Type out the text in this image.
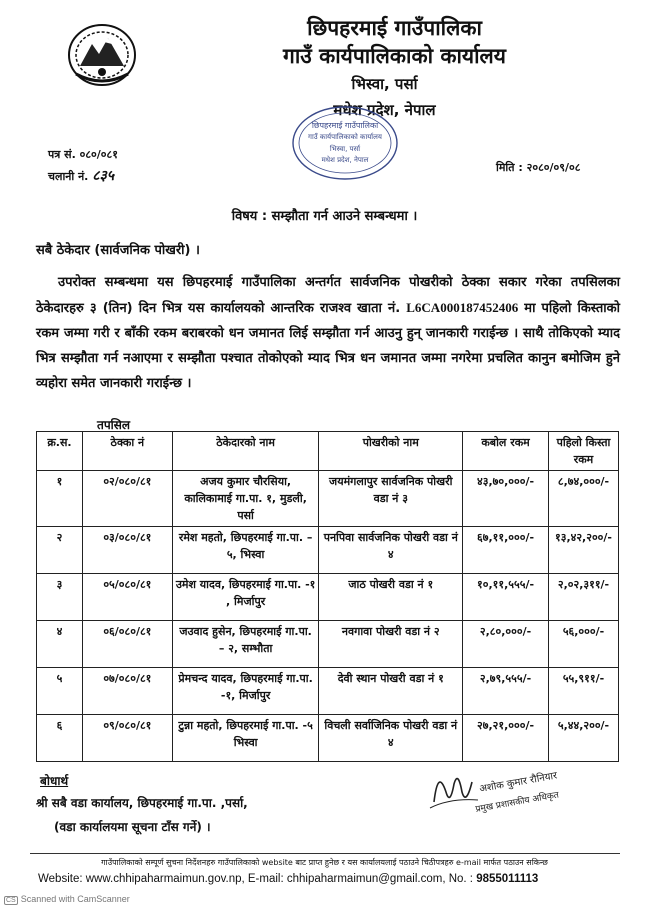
छिपहरमाई गाउँपालिका
गाउँ कार्यपालिकाको कार्यालय
भिस्वा, पर्सा
मधेश प्रदेश, नेपाल
छिपहरमाई गाउँपालिका
गाउँ कार्यपालिकाको कार्यालय
भिस्वा, पर्सा
मधेश प्रदेश, नेपाल
पत्र सं. ०८०/०८१
चलानी नं. ८३५
मिति : २०८०/०९/०८
विषय : सम्झौता गर्न आउने सम्बन्धमा ।
सबै ठेकेदार (सार्वजनिक पोखरी) ।
उपरोक्त सम्बन्धमा यस छिपहरमाई गाउँपालिका अन्तर्गत सार्वजनिक पोखरीको ठेक्का सकार गरेका तपसिलका ठेकेदारहरु ३ (तिन) दिन भित्र यस कार्यालयको आन्तरिक राजश्व खाता नं. L6CA000187452406 मा पहिलो किस्ताको रकम जम्मा गरी र बाँकी रकम बराबरको धन जमानत लिई सम्झौता गर्न आउनु हुन् जानकारी गराईन्छ । साथै तोकिएको म्याद भित्र सम्झौता गर्न नआएमा र सम्झौता पश्चात तोकोएको म्याद भित्र धन जमानत जम्मा नगरेमा प्रचलित कानुन बमोजिम हुने व्यहोरा समेत जानकारी गराईन्छ ।
तपसिल
क्र.स.	ठेक्का नं	ठेकेदारको नाम	पोखरीको नाम	कबोल रकम	पहिलो किस्ता रकम
१	०२/०८०/८१	अजय कुमार चौरसिया, कालिकामाई गा.पा. १, मुडली, पर्सा	जयमंगलापुर सार्वजनिक पोखरी वडा नं ३	४३,७०,०००/-	८,७४,०००/-
२	०३/०८०/८१	रमेश महतो, छिपहरमाई गा.पा. – ५, भिस्वा	पनपिवा सार्वजनिक पोखरी वडा नं ४	६७,११,०००/-	१३,४२,२००/-
३	०५/०८०/८१	उमेश यादव, छिपहरमाई गा.पा. -१ , मिर्जापुर	जाठ पोखरी वडा नं १	१०,११,५५५/-	२,०२,३११/-
४	०६/०८०/८१	जउवाद हुसेन, छिपहरमाई गा.पा. – २, सम्भौता	नवगावा पोखरी वडा नं २	२,८०,०००/-	५६,०००/-
५	०७/०८०/८१	प्रेमचन्द यादव, छिपहरमाई गा.पा. -१, मिर्जापुर	देवी स्थान पोखरी वडा नं १	२,७९,५५५/-	५५,९११/-
६	०९/०८०/८१	टुन्ना महतो, छिपहरमाई गा.पा. -५ भिस्वा	विचली सर्वाजिनिक पोखरी वडा नं ४	२७,२१,०००/-	५,४४,२००/-
बोधार्थ
श्री सबै वडा कार्यालय, छिपहरमाई गा.पा. ,पर्सा,
(वडा कार्यालयमा सूचना टाँस गर्ने) ।
अशोक कुमार रौनियार
प्रमुख प्रशासकीय अधिकृत
गाउँपालिकाको सम्पूर्ण सुचना निर्देशनहरु गाउँपालिकाको website बाट प्राप्त हुनेछ र यस कार्यालयलाई पठाउने चिठीपत्रहरु e-mail मार्फत पठाउन सकिन्छ
Website: www.chhipaharmaimun.gov.np, E-mail: chhipaharmaimun@gmail.com, No. : 9855011113
CS Scanned with CamScanner
